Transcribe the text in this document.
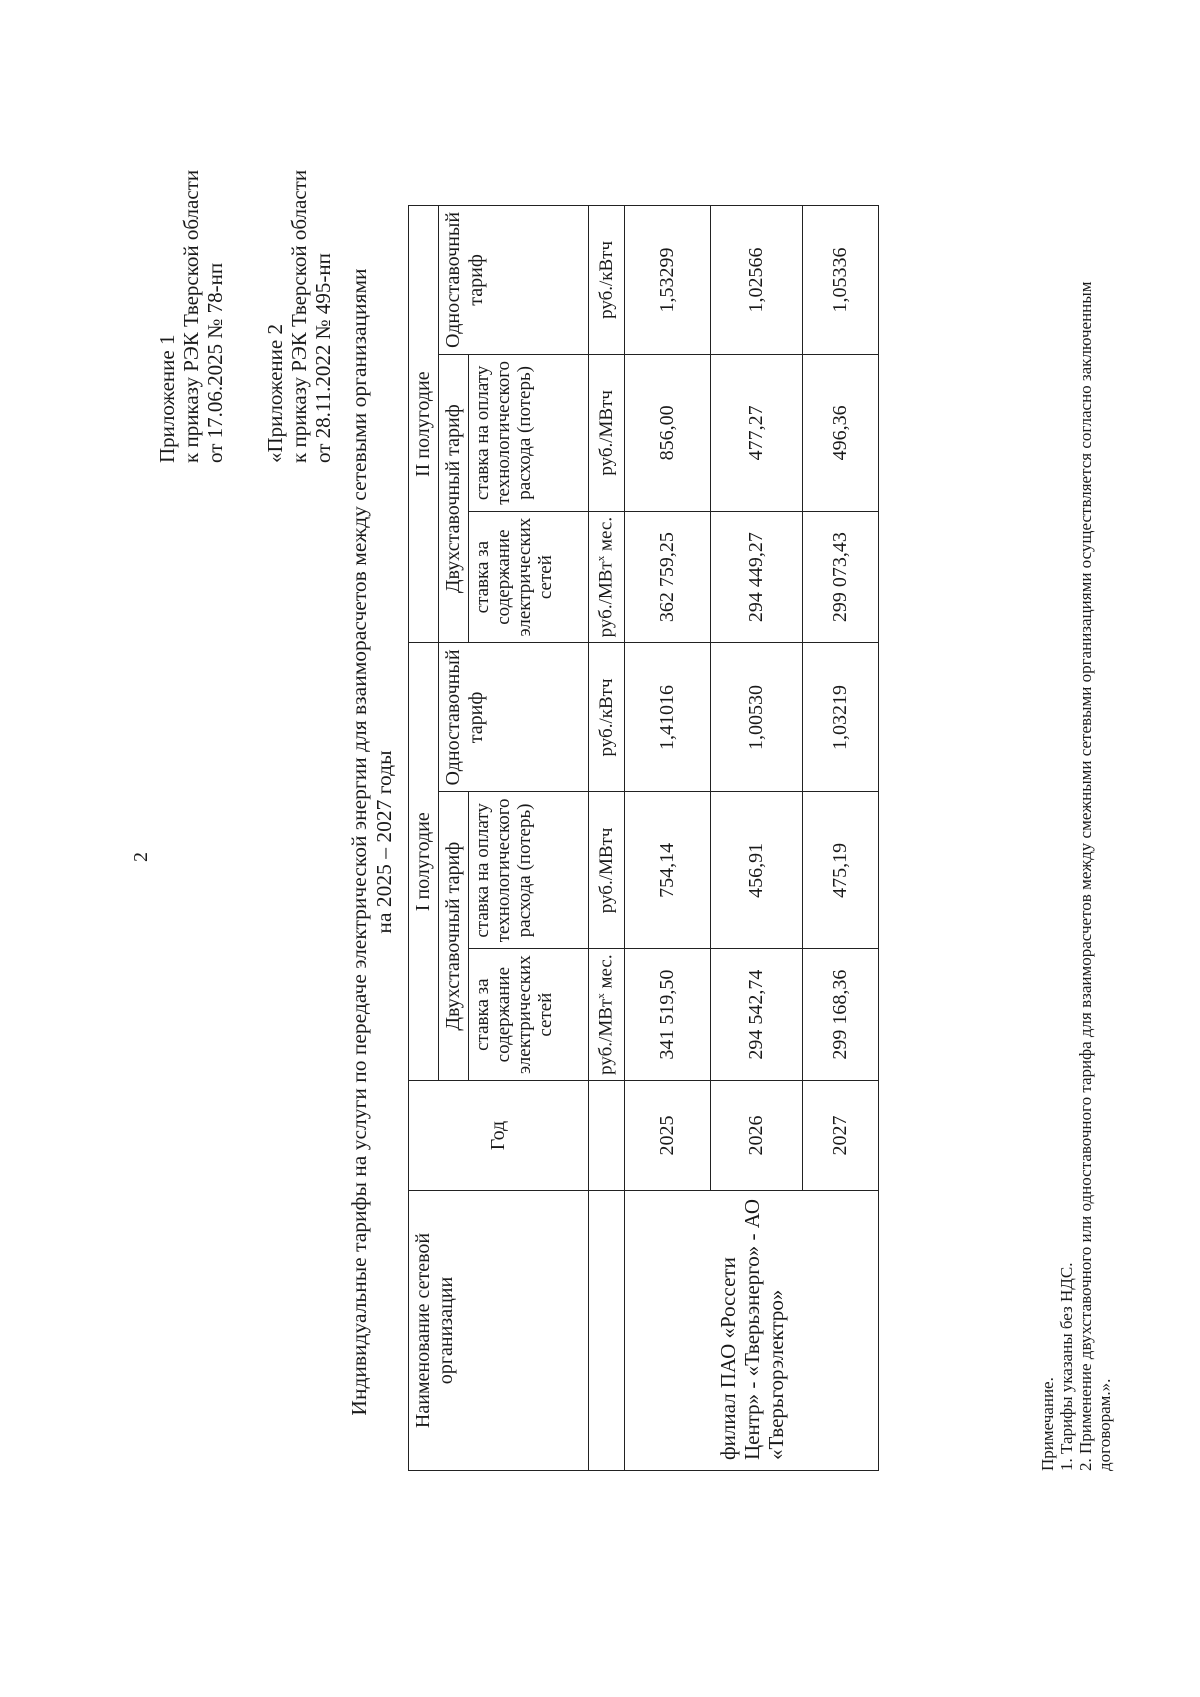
2
Приложение 1 к приказу РЭК Тверской области от 17.06.2025 № 78-нп «Приложение 2 к приказу РЭК Тверской области от 28.11.2022 № 495-нп Индивидуальные тарифы на услуги по передаче электрической энергии для взаиморасчетов между сетевыми организациями на 2025 – 2027 годы
Наименование сетевой организации	Год	I полугодие			II полугодие		
		Двухставочный тариф		Одноставочный тариф	Двухставочный тариф		Одноставочный тариф
		ставка за содержание электрических сетей	ставка на оплату технологического расхода (потерь)		ставка за содержание электрических сетей	ставка на оплату технологического расхода (потерь)	
		руб./МВт$^х$ мес.	руб./МВтч	руб./кВтч	руб./МВт$^х$ мес.	руб./МВтч	руб./кВтч
филиал ПАО «Россети Центр» - «Тверьэнерго» - АО «Тверьгорэлектро»	2025	341 519,50	754,14	1,41016	362 759,25	856,00	1,53299
	2026	294 542,74	456,91	1,00530	294 449,27	477,27	1,02566
	2027	299 168,36	475,19	1,03219	299 073,43	496,36	1,05336
Примечание. 1. Тарифы указаны без НДС. 2. Применение двухставочного или одноставочного тарифа для взаиморасчетов между смежными сетевыми организациями осуществляется согласно заключенным договорам.».
